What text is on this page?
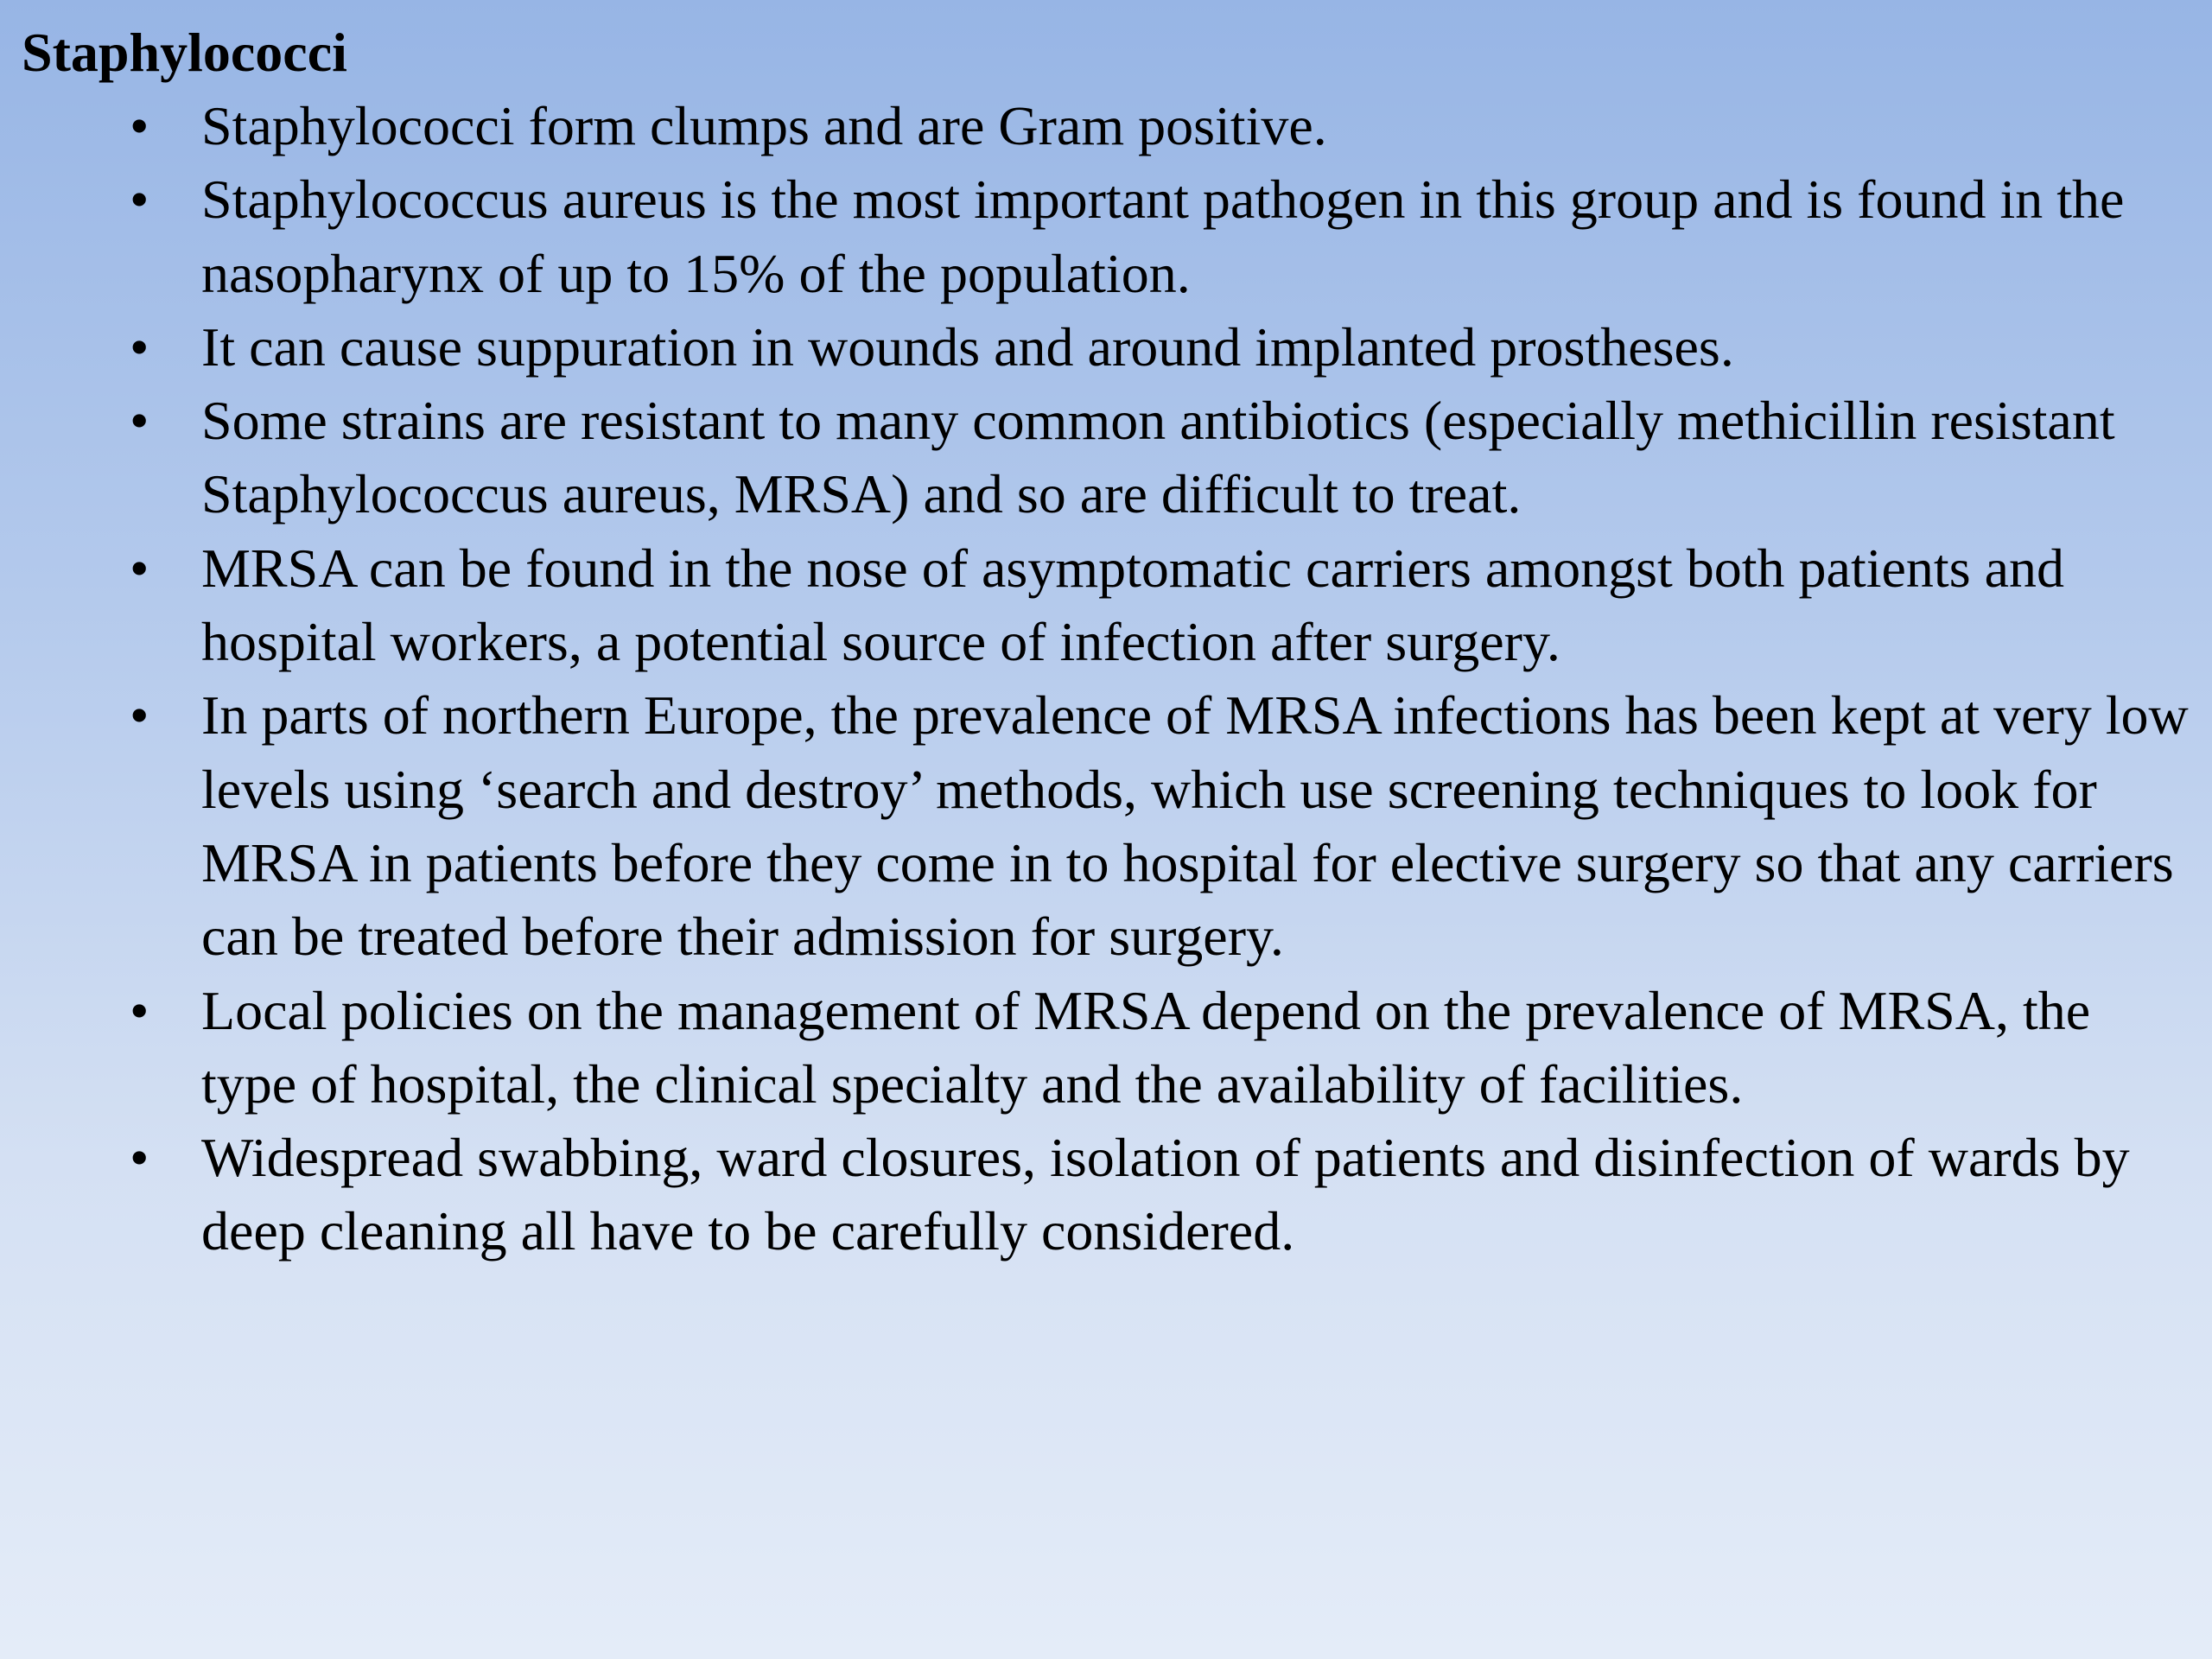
Staphylococci
• Staphylococci form clumps and are Gram positive.
• Staphylococcus aureus is the most important pathogen in this group and is found in the nasopharynx of up to 15% of the population.
• It can cause suppuration in wounds and around implanted prostheses.
• Some strains are resistant to many common antibiotics (especially methicillin resistant Staphylococcus aureus, MRSA) and so are difficult to treat.
• MRSA can be found in the nose of asymptomatic carriers amongst both patients and hospital workers, a potential source of infection after surgery.
• In parts of northern Europe, the prevalence of MRSA infections has been kept at very low levels using ‘search and destroy’ methods, which use screening techniques to look for MRSA in patients before they come in to hospital for elective surgery so that any carriers can be treated before their admission for surgery.
• Local policies on the management of MRSA depend on the prevalence of MRSA, the type of hospital, the clinical specialty and the availability of facilities.
• Widespread swabbing, ward closures, isolation of patients and disinfection of wards by deep cleaning all have to be carefully considered.
